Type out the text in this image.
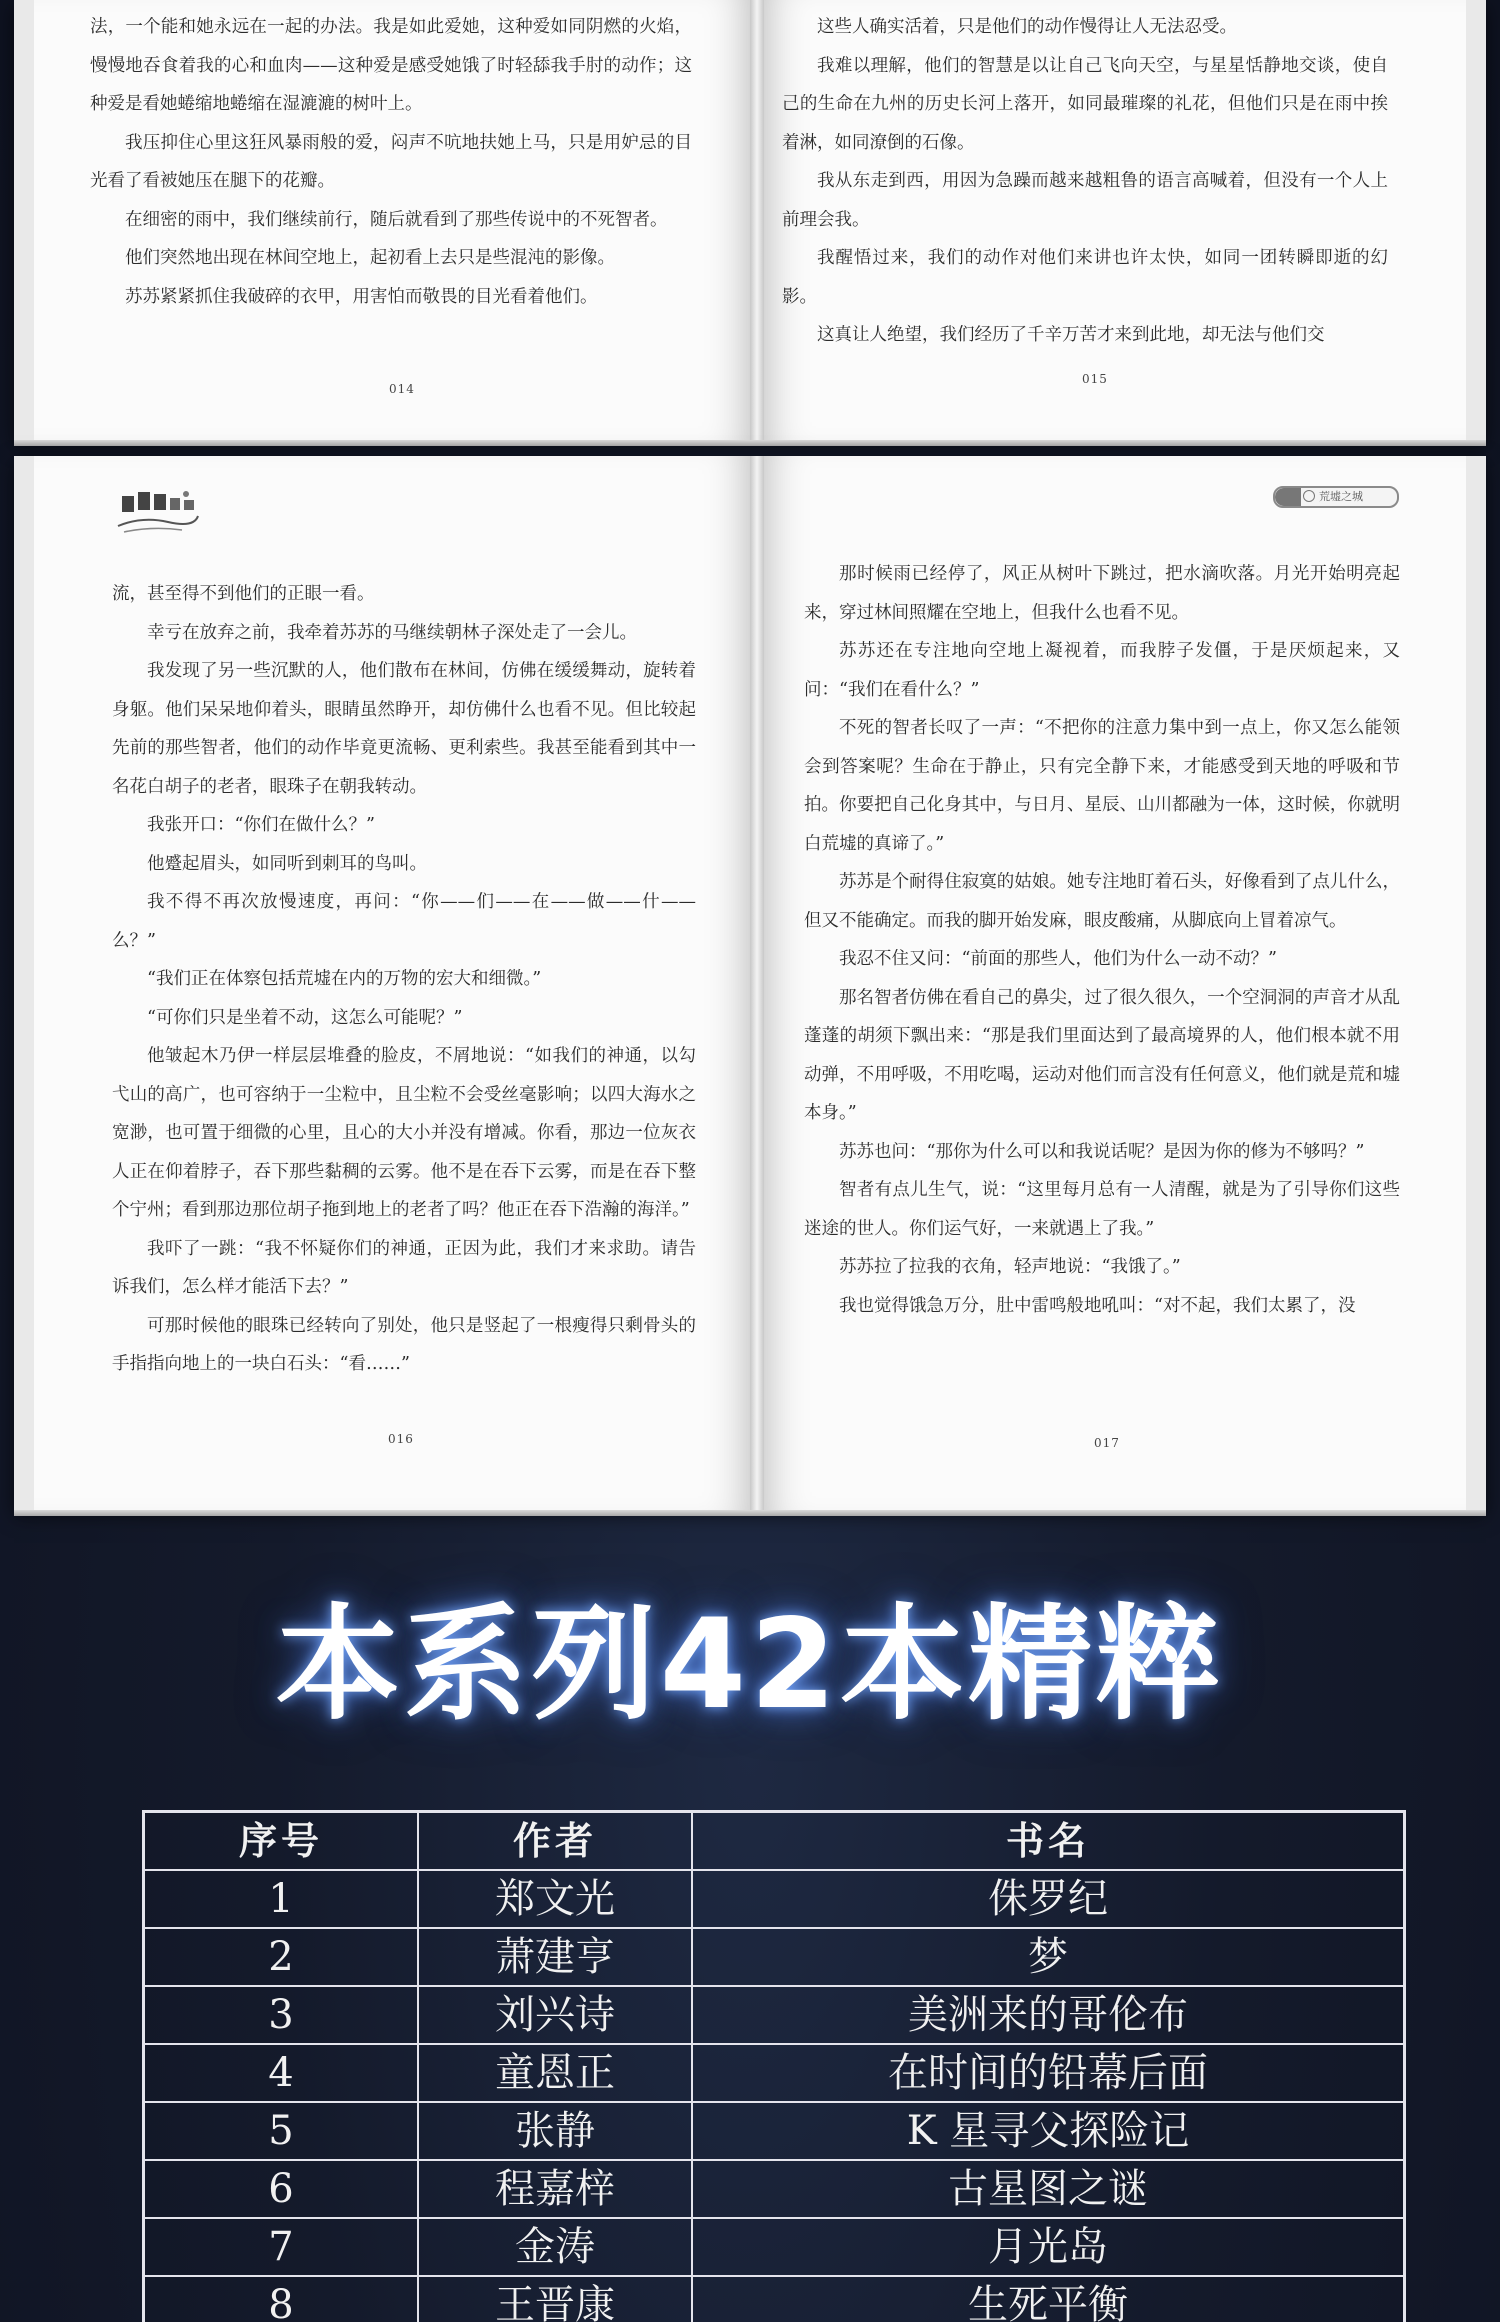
法，一个能和她永远在一起的办法。我是如此爱她，这种爱如同阴燃的火焰，慢慢地吞食着我的心和血肉——这种爱是感受她饿了时轻舔我手肘的动作；这种爱是看她蜷缩地蜷缩在湿漉漉的树叶上。

我压抑住心里这狂风暴雨般的爱，闷声不吭地扶她上马，只是用妒忌的目光看了看被她压在腿下的花瓣。

在细密的雨中，我们继续前行，随后就看到了那些传说中的不死智者。

他们突然地出现在林间空地上，起初看上去只是些混沌的影像。

苏苏紧紧抓住我破碎的衣甲，用害怕而敬畏的目光看着他们。

014

这些人确实活着，只是他们的动作慢得让人无法忍受。

我难以理解，他们的智慧是以让自己飞向天空，与星星恬静地交谈，使自己的生命在九州的历史长河上落开，如同最璀璨的礼花，但他们只是在雨中挨着淋，如同潦倒的石像。

我从东走到西，用因为急躁而越来越粗鲁的语言高喊着，但没有一个人上前理会我。

我醒悟过来，我们的动作对他们来讲也许太快，如同一团转瞬即逝的幻影。

这真让人绝望，我们经历了千辛万苦才来到此地，却无法与他们交

015
荒墟之城

流，甚至得不到他们的正眼一看。

幸亏在放弃之前，我牵着苏苏的马继续朝林子深处走了一会儿。

我发现了另一些沉默的人，他们散布在林间，仿佛在缓缓舞动，旋转着身躯。他们呆呆地仰着头，眼睛虽然睁开，却仿佛什么也看不见。但比较起先前的那些智者，他们的动作毕竟更流畅、更利索些。我甚至能看到其中一名花白胡子的老者，眼珠子在朝我转动。

我张开口：“你们在做什么？”

他蹙起眉头，如同听到刺耳的鸟叫。

我不得不再次放慢速度，再问：“你——们——在——做——什——么？”

“我们正在体察包括荒墟在内的万物的宏大和细微。”

“可你们只是坐着不动，这怎么可能呢？”

他皱起木乃伊一样层层堆叠的脸皮，不屑地说：“如我们的神通，以勾弋山的高广，也可容纳于一尘粒中，且尘粒不会受丝毫影响；以四大海水之宽渺，也可置于细微的心里，且心的大小并没有增减。你看，那边一位灰衣人正在仰着脖子，吞下那些黏稠的云雾。他不是在吞下云雾，而是在吞下整个宁州；看到那边那位胡子拖到地上的老者了吗？他正在吞下浩瀚的海洋。”

我吓了一跳：“我不怀疑你们的神通，正因为此，我们才来求助。请告诉我们，怎么样才能活下去？”

可那时候他的眼珠已经转向了别处，他只是竖起了一根瘦得只剩骨头的手指指向地上的一块白石头：“看……”

016

那时候雨已经停了，风正从树叶下跳过，把水滴吹落。月光开始明亮起来，穿过林间照耀在空地上，但我什么也看不见。

苏苏还在专注地向空地上凝视着，而我脖子发僵，于是厌烦起来，又问：“我们在看什么？”

不死的智者长叹了一声：“不把你的注意力集中到一点上，你又怎么能领会到答案呢？生命在于静止，只有完全静下来，才能感受到天地的呼吸和节拍。你要把自己化身其中，与日月、星辰、山川都融为一体，这时候，你就明白荒墟的真谛了。”

苏苏是个耐得住寂寞的姑娘。她专注地盯着石头，好像看到了点儿什么，但又不能确定。而我的脚开始发麻，眼皮酸痛，从脚底向上冒着凉气。

我忍不住又问：“前面的那些人，他们为什么一动不动？”

那名智者仿佛在看自己的鼻尖，过了很久很久，一个空洞洞的声音才从乱蓬蓬的胡须下飘出来：“那是我们里面达到了最高境界的人，他们根本就不用动弹，不用呼吸，不用吃喝，运动对他们而言没有任何意义，他们就是荒和墟本身。”

苏苏也问：“那你为什么可以和我说话呢？是因为你的修为不够吗？”

智者有点儿生气，说：“这里每月总有一人清醒，就是为了引导你们这些迷途的世人。你们运气好，一来就遇上了我。”

苏苏拉了拉我的衣角，轻声地说：“我饿了。”

我也觉得饿急万分，肚中雷鸣般地吼叫：“对不起，我们太累了，没

017
本系列42本精粹
序号	作者	书名
1	郑文光	侏罗纪
2	萧建亨	梦
3	刘兴诗	美洲来的哥伦布
4	童恩正	在时间的铅幕后面
5	张静	K 星寻父探险记
6	程嘉梓	古星图之谜
7	金涛	月光岛
8	王晋康	生死平衡
